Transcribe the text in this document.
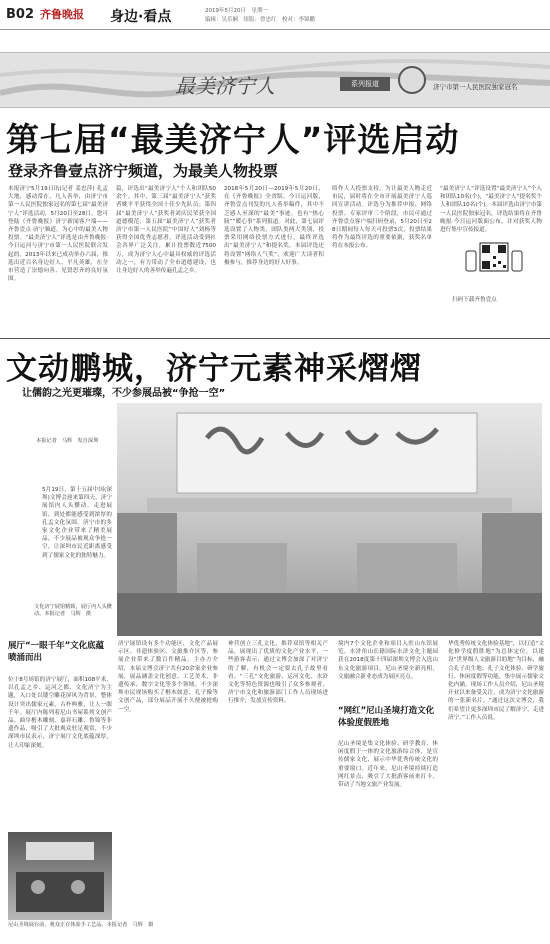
B02 齐鲁晚报 身边·看点	2019年5月20日　星期一
编辑：吴乐娴　组版：曾忠红　校对：李锦鹏
最美济宁人	系列报道	济宁市第一人民医院独家冠名
第七届“最美济宁人”评选启动
登录齐鲁壹点济宁频道，为最美人物投票
本报济宁5月19日讯(记者 姜忠萍) 孔孟大地，感动常在，凡人善举，由济宁市第一人民医院独家冠名的第七届“最美济宁人”评选活动，5月20日至28日，您可登陆《齐鲁晚报》济宁新闻客户端——齐鲁壹点·济宁频道，为心中的最美人物投票。“最美济宁人”评选是由齐鲁晚报·今日运河与济宁市第一人民医院联合发起的，2013年以来已成功举办六届，推选出近百名身边好人、平凡英雄，在全市营造了崇德向善、见贤思齐的良好氛围。
篇，评选出“最美济宁人”个人和团队50余个。其中，第三届“最美济宁人”获奖者姚平平获得全国十佳少先队员；第四届“最美济宁人”获奖者刘庆民荣获全国道德模范；第五届“最美济宁人”获奖者济宁市第一人民医院“中国好人”刘杨等获得全国优秀志愿者。评选活动受到社会各界广泛关注，累计投票数近7500万，成为济宁人心中最具权威的评选活动之一，有力带动了全市道德建设，也让身边好人的善举传遍孔孟之乡。
2018年5月20日—2019年5月20日，在《齐鲁晚报》全省版、今日运河版、齐鲁壹点刊发的凡人善举稿件，其中不乏感人至深的“最美”事迹，也有“热心肠”“暖心事”系列报道。对此，第七届评选设置了人物类、团队类两大类别，投票采用网络投票方式进行，最终评选出“最美济宁人”和提名奖，本届评选还将设置“网络人气奖”，欢迎广大读者积极参与，推荐身边的好人好事。
络作人人投票支持。为让最美人物走近市民，届时将在全市开展最美济宁人巡回宣讲活动。评选分为推荐申报、网络投票、专家评审三个阶段，市民可通过齐鲁壹点客户端扫码登录，5月20日至28日期间每人每天可投票3次，投票结果将作为最终评选的重要依据，获奖名单将在本报公布。
“最美济宁人”评选设置“最美济宁人”个人和团队10名(个)，“最美济宁人”提名奖个人和团队10名(个)。本届评选由济宁市第一人民医院独家冠名，评选结果将在齐鲁晚报·今日运河版面公布，并对获奖人物进行集中宣传报道。
扫码下载齐鲁壹点
文动鹏城，济宁元素神采熠熠
让儒韵之光更璀璨，不少参展品被“争抢一空”
本报记者　马辉　发自深圳
5月19日，第十五届中国(深圳)文博会迎来第四天，济宁展馆内人头攒动。走进展馆，到处都能感受到浓厚的孔孟文化氛围，济宁市的多家文化企业带来了精美展品，不少展品被观众争抢一空，让深圳市民近距离感受到了儒家文化的独特魅力。
文化济宁展馆精致，展厅内人头攒动。本报记者　马辉　摄
展厅“一眼千年”文化底蕴喷涌而出
位于8号场馆的济宁展厅，面积108平米，以孔孟之乡、运河之都、文化济宁为主题，入口处以镂空雕花屏风为背景，整体设计突出儒家元素，古朴典雅，让人一眼千年。展厅内陈列着尼山书屋系列文创产品、曲阜楷木雕刻、嘉祥石雕、鲁锦等非遗作品，吸引了大批观众驻足观赏，不少深圳市民表示，济宁展厅文化底蕴深厚，让人印象深刻。
尼山圣境展台前，观众正在体验手工艺品。本报记者　马辉　摄
济宁展馆设有多个功能区，文化产品展示区、非遗体验区、文旅推介区等，参展企业带来了数百件精品。主办方介绍，本届文博会济宁共有20余家企业参展，展品涵盖文化创意、工艺美术、非遗传承、数字文化等多个领域。不少深圳市民现场购买了楷木如意、孔子像等文创产品，部分展品开展不久便被抢购一空。
神营创立三孔文化，推荐双馆等相关产品，展现出了优质的文化产业水平，一些游客表示，通过文博会加深了对济宁的了解，有机会一定要去孔子故里看看。“三孔”文化旅游、运河文化、水浒文化等特色资源也吸引了众多参观者，济宁市文化和旅游部门工作人员现场进行推介，发放宣传资料。
境内7个文化企业和项目入驻山东馆展览。水浒角山长籍国际水浒文化主题园获在2018度第十四届深圳文博会入选山东文化旅游项目，尼山圣境全新亮相，文旅融合新业态成为展区亮点。
“网红”尼山圣境打造文化体验度假胜地
尼山圣境是集文化体验、研学教育、休闲度假于一体的文化旅游综合体，是宣传儒家文化、展示中华优秀传统文化的重要窗口。近年来，尼山圣境持续打造网红景点，吸引了大批游客前来打卡，带动了当地文旅产业发展。
华优秀传统文化体验基地”，以打造“文化修学度假胜地”为总体定位，以建设“世界级人文旅游目的地”为目标，融合孔子出生地、孔子文化体验、研学旅行、休闲度假等功能，集中展示儒家文化内涵。现场工作人员介绍，尼山圣境开业以来备受关注，成为济宁文化旅游的一张新名片。“通过这次文博会，我们希望让更多深圳市民了解济宁、走进济宁。”工作人员说。
